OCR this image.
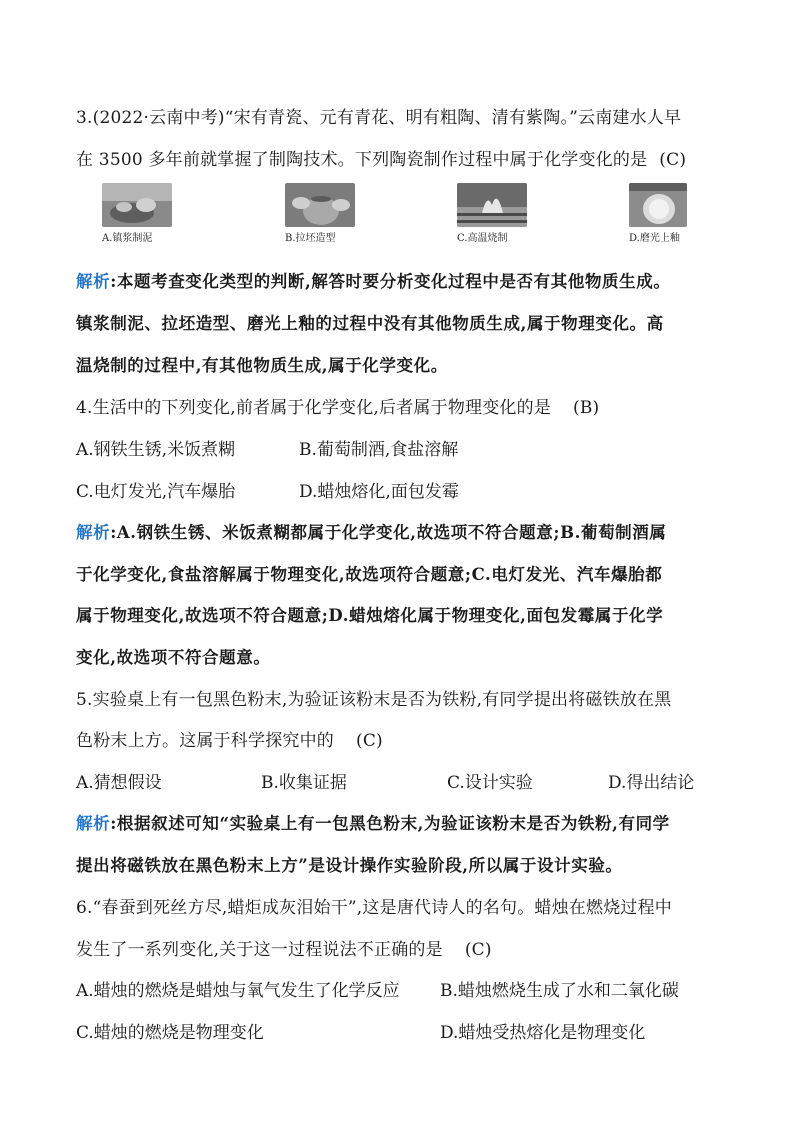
3.(2022·云南中考)“宋有青瓷、元有青花、明有粗陶、清有紫陶。”云南建水人早
在 3500 多年前就掌握了制陶技术。下列陶瓷制作过程中属于化学变化的是 (C)
A.镇浆制泥	B.拉坯造型	C.高温烧制	D.磨光上釉
解析:本题考查变化类型的判断,解答时要分析变化过程中是否有其他物质生成。
镇浆制泥、拉坯造型、磨光上釉的过程中没有其他物质生成,属于物理变化。高
温烧制的过程中,有其他物质生成,属于化学变化。
4.生活中的下列变化,前者属于化学变化,后者属于物理变化的是 (B)
A.钢铁生锈,米饭煮糊	B.葡萄制酒,食盐溶解
C.电灯发光,汽车爆胎	D.蜡烛熔化,面包发霉
解析:A.钢铁生锈、米饭煮糊都属于化学变化,故选项不符合题意;B.葡萄制酒属
于化学变化,食盐溶解属于物理变化,故选项符合题意;C.电灯发光、汽车爆胎都
属于物理变化,故选项不符合题意;D.蜡烛熔化属于物理变化,面包发霉属于化学
变化,故选项不符合题意。
5.实验桌上有一包黑色粉末,为验证该粉末是否为铁粉,有同学提出将磁铁放在黑
色粉末上方。这属于科学探究中的 (C)
A.猜想假设	B.收集证据	C.设计实验	D.得出结论
解析:根据叙述可知“实验桌上有一包黑色粉末,为验证该粉末是否为铁粉,有同学
提出将磁铁放在黑色粉末上方”是设计操作实验阶段,所以属于设计实验。
6.“春蚕到死丝方尽,蜡炬成灰泪始干”,这是唐代诗人的名句。蜡烛在燃烧过程中
发生了一系列变化,关于这一过程说法不正确的是 (C)
A.蜡烛的燃烧是蜡烛与氧气发生了化学反应 B.蜡烛燃烧生成了水和二氧化碳
C.蜡烛的燃烧是物理变化	D.蜡烛受热熔化是物理变化
